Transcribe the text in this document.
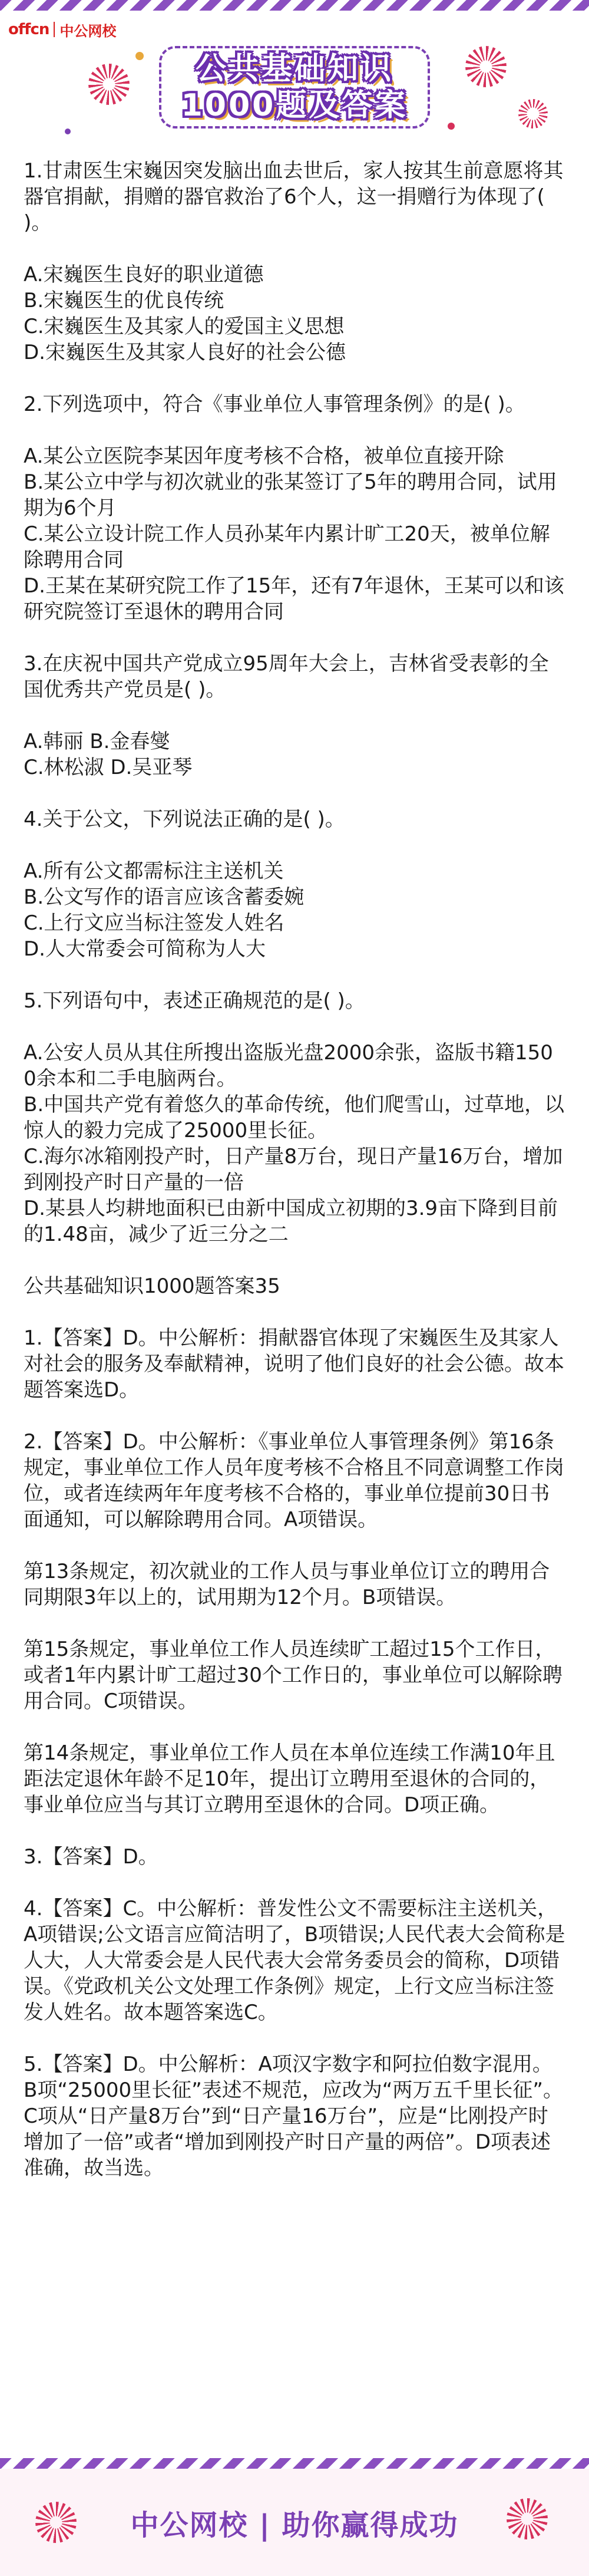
offcn 中公网校
公共基础知识
1000题及答案

1.甘肃医生宋巍因突发脑出血去世后，家人按其生前意愿将其器官捐献，捐赠的器官救治了6个人，这一捐赠行为体现了( )。

A.宋巍医生良好的职业道德
B.宋巍医生的优良传统
C.宋巍医生及其家人的爱国主义思想
D.宋巍医生及其家人良好的社会公德

2.下列选项中，符合《事业单位人事管理条例》的是( )。

A.某公立医院李某因年度考核不合格，被单位直接开除
B.某公立中学与初次就业的张某签订了5年的聘用合同，试用期为6个月
C.某公立设计院工作人员孙某年内累计旷工20天，被单位解除聘用合同
D.王某在某研究院工作了15年，还有7年退休，王某可以和该研究院签订至退休的聘用合同

3.在庆祝中国共产党成立95周年大会上，吉林省受表彰的全国优秀共产党员是( )。

A.韩丽 B.金春燮
C.林松淑 D.吴亚琴

4.关于公文，下列说法正确的是( )。

A.所有公文都需标注主送机关
B.公文写作的语言应该含蓄委婉
C.上行文应当标注签发人姓名
D.人大常委会可简称为人大

5.下列语句中，表述正确规范的是( )。

A.公安人员从其住所搜出盗版光盘2000余张，盗版书籍1500余本和二手电脑两台。
B.中国共产党有着悠久的革命传统，他们爬雪山，过草地，以惊人的毅力完成了25000里长征。
C.海尔冰箱刚投产时，日产量8万台，现日产量16万台，增加到刚投产时日产量的一倍
D.某县人均耕地面积已由新中国成立初期的3.9亩下降到目前的1.48亩，减少了近三分之二

公共基础知识1000题答案35

1.【答案】D。中公解析：捐献器官体现了宋巍医生及其家人对社会的服务及奉献精神，说明了他们良好的社会公德。故本题答案选D。

2.【答案】D。中公解析：《事业单位人事管理条例》第16条规定，事业单位工作人员年度考核不合格且不同意调整工作岗位，或者连续两年年度考核不合格的，事业单位提前30日书面通知，可以解除聘用合同。A项错误。

第13条规定，初次就业的工作人员与事业单位订立的聘用合同期限3年以上的，试用期为12个月。B项错误。

第15条规定，事业单位工作人员连续旷工超过15个工作日，或者1年内累计旷工超过30个工作日的，事业单位可以解除聘用合同。C项错误。

第14条规定，事业单位工作人员在本单位连续工作满10年且距法定退休年龄不足10年，提出订立聘用至退休的合同的，事业单位应当与其订立聘用至退休的合同。D项正确。

3.【答案】D。

4.【答案】C。中公解析：普发性公文不需要标注主送机关，A项错误;公文语言应简洁明了，B项错误;人民代表大会简称是人大，人大常委会是人民代表大会常务委员会的简称，D项错误。《党政机关公文处理工作条例》规定，上行文应当标注签发人姓名。故本题答案选C。

5.【答案】D。中公解析：A项汉字数字和阿拉伯数字混用。B项“25000里长征”表述不规范，应改为“两万五千里长征”。C项从“日产量8万台”到“日产量16万台”，应是“比刚投产时增加了一倍”或者“增加到刚投产时日产量的两倍”。D项表述准确，故当选。

中公网校 | 助你赢得成功
